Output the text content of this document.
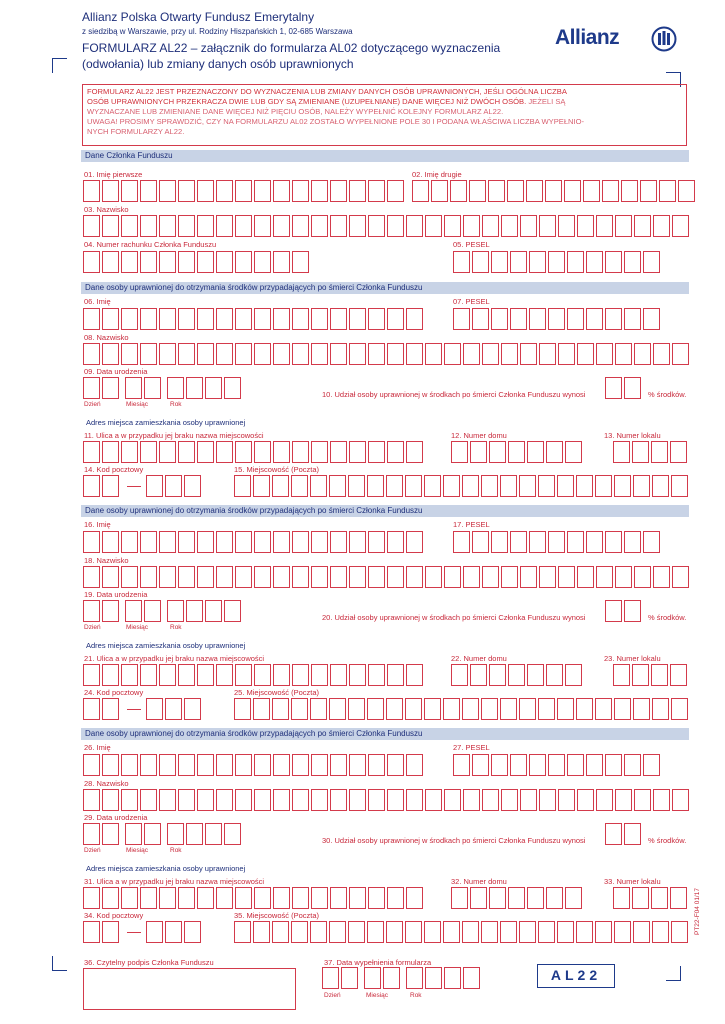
Allianz Polska Otwarty Fundusz Emerytalny
z siedzibą w Warszawie, przy ul. Rodziny Hiszpańskich 1, 02-685 Warszawa
FORMULARZ AL22 – załącznik do formularza AL02 dotyczącego wyznaczenia
(odwołania) lub zmiany danych osób uprawnionych
Allianz
FORMULARZ AL22 JEST PRZEZNACZONY DO WYZNACZENIA LUB ZMIANY DANYCH OSÓB UPRAWNIONYCH, JEŚLI OGÓLNA LICZBA
OSÓB UPRAWNIONYCH PRZEKRACZA DWIE LUB GDY SĄ ZMIENIANE (UZUPEŁNIANE) DANE WIĘCEJ NIŻ DWÓCH OSÓB. JEŻELI SĄ
WYZNACZANE LUB ZMIENIANE DANE WIĘCEJ NIŻ PIĘCIU OSÓB, NALEŻY WYPEŁNIĆ KOLEJNY FORMULARZ AL22.
UWAGA! PROSIMY SPRAWDZIĆ, CZY NA FORMULARZU AL02 ZOSTAŁO WYPEŁNIONE POLE 30 I PODANA WŁAŚCIWA LICZBA WYPEŁNIO-
NYCH FORMULARZY AL22.
Dane Członka Funduszu
01. Imię pierwsze	02. Imię drugie
03. Nazwisko
04. Numer rachunku Członka Funduszu	05. PESEL
Dane osoby uprawnionej do otrzymania środków przypadających po śmierci Członka Funduszu
06. Imię	07. PESEL
08. Nazwisko
09. Data urodzenia
Dzień	Miesiąc	Rok
10. Udział osoby uprawnionej w środkach po śmierci Członka Funduszu wynosi	% środków.
Adres miejsca zamieszkania osoby uprawnionej
11. Ulica a w przypadku jej braku nazwa miejscowości	12. Numer domu	13. Numer lokalu
14. Kod pocztowy	15. Miejscowość (Poczta)
Dane osoby uprawnionej do otrzymania środków przypadających po śmierci Członka Funduszu
16. Imię	17. PESEL
18. Nazwisko
19. Data urodzenia
Dzień	Miesiąc	Rok
20. Udział osoby uprawnionej w środkach po śmierci Członka Funduszu wynosi	% środków.
Adres miejsca zamieszkania osoby uprawnionej
21. Ulica a w przypadku jej braku nazwa miejscowości	22. Numer domu	23. Numer lokalu
24. Kod pocztowy	25. Miejscowość (Poczta)
Dane osoby uprawnionej do otrzymania środków przypadających po śmierci Członka Funduszu
26. Imię	27. PESEL
28. Nazwisko
29. Data urodzenia
Dzień	Miesiąc	Rok
30. Udział osoby uprawnionej w środkach po śmierci Członka Funduszu wynosi	% środków.
Adres miejsca zamieszkania osoby uprawnionej
31. Ulica a w przypadku jej braku nazwa miejscowości	32. Numer domu	33. Numer lokalu
34. Kod pocztowy	35. Miejscowość (Poczta)
36. Czytelny podpis Członka Funduszu	37. Data wypełnienia formularza
Dzień	Miesiąc	Rok
AL22
PT22-F04 01/17
